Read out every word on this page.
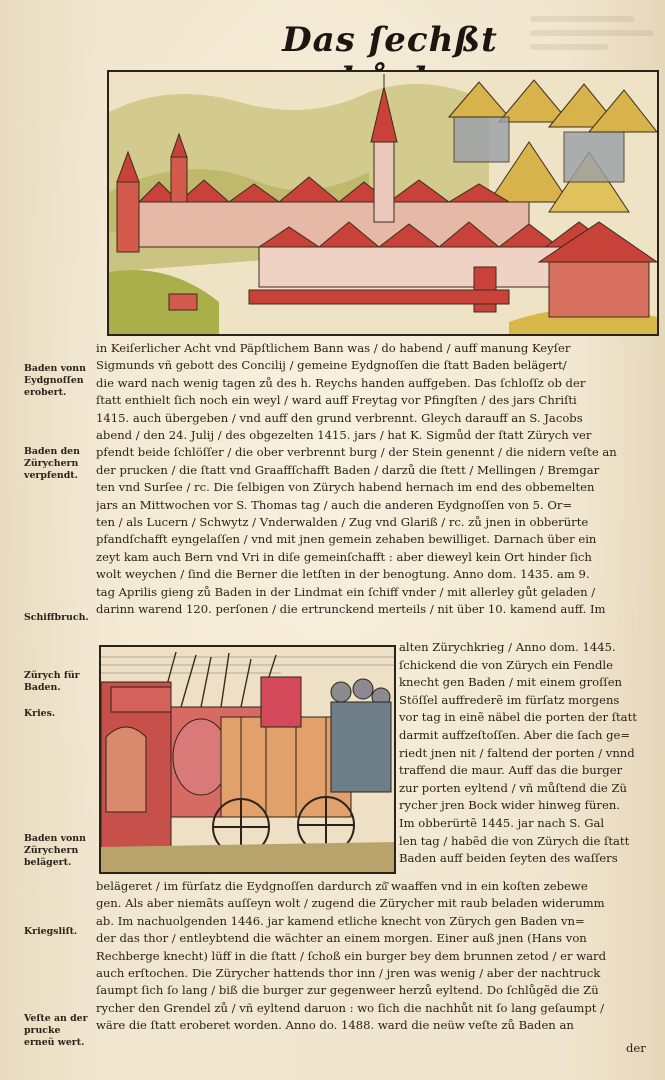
Das ſechßt
in Keiſerlicher Acht vnd Päpſtlichem Bann was / do habend / auff manung Keyſer
Sigmunds vñ gebott des Concilij / gemeine Eydgnoſſen die ſtatt Baden belägert/
die ward nach wenig tagen zů des h. Reychs handen auffgeben. Das ſchloſſz ob der
ſtatt enthielt ſich noch ein weyl / ward auff Freytag vor Pfingſten / des jars Chriſti
1415. auch übergeben / vnd auff den grund verbrennt. Gleych darauff an S. Jacobs
abend / den 24. Julij / des obgezelten 1415. jars / hat K. Sigmůd der ſtatt Zürych ver
pfendt beide ſchlöſſer / die ober verbrennt burg / der Stein genennt / die nidern veſte an
der prucken / die ſtatt vnd Graaffſchafft Baden / darzů die ſtett / Mellingen / Bremgar
ten vnd Surſee / rc. Die ſelbigen von Zürych habend hernach im end des obbemelten
jars an Mittwochen vor S. Thomas tag / auch die anderen Eydgnoſſen von 5. Or=
ten / als Lucern / Schwytz / Vnderwalden / Zug vnd Glariß / rc. zů jnen in obberürte
pfandſchafft eyngelaſſen / vnd mit jnen gemein zehaben bewilliget. Darnach über ein
zeyt kam auch Bern vnd Vri in diſe gemeinſchafft : aber dieweyl kein Ort hinder ſich
wolt weychen / ſind die Berner die letſten in der benogtung. Anno dom. 1435. am 9.
tag Aprilis gieng zů Baden in der Lindmat ein ſchiff vnder / mit allerley gůt geladen /
darinn warend 120. perſonen / die ertrunckend merteils / nit über 10. kamend auff. Im
alten Zürychkrieg / Anno dom. 1445.
ſchickend die von Zürych ein Fendle
knecht gen Baden / mit einem groſſen
Stöſſel auffrederẽ im fürſatz morgens
vor tag in einẽ näbel die porten der ſtatt
darmit auffzeſtoſſen. Aber die ſach ge=
riedt jnen nit / faltend der porten / vnnd
traffend die maur. Auff das die burger
zur porten eyltend / vñ můſtend die Zü
rycher jren Bock wider hinweg füren.
Im obberürtẽ 1445. jar nach S. Gal
len tag / habẽd die von Zürych die ſtatt
Baden auff beiden ſeyten des waſſers
belägeret / im fürſatz die Eydgnoſſen dardurch zů͂ waaffen vnd in ein koſten zebewe
gen. Als aber niemãts auſſeyn wolt / zugend die Zürycher mit raub beladen widerumm
ab. Im nachuolgenden 1446. jar kamend etliche knecht von Zürych gen Baden vn=
der das thor / entleybtend die wächter an einem morgen. Einer auß jnen (Hans von
Rechberge knecht) lüff in die ſtatt / ſchoß ein burger bey dem brunnen zetod / er ward
auch erſtochen. Die Zürycher hattends thor inn / jren was wenig / aber der nachtruck
ſaumpt ſich ſo lang / biß die burger zur gegenweer herzů eyltend. Do ſchlůgẽd die Zü
rycher den Grendel zů / vñ eyltend daruon : wo ſich die nachhůt nit ſo lang geſaumpt /
wäre die ſtatt eroberet worden. Anno do. 1488. ward die neüw veſte zů Baden an
der
Baden vonn Eydgnoſſen erobert.
Baden den Zürychern verpfendt.
Schiffbruch.
Zürych für Baden.
Kries.
Baden vonn Zürychern belägert.
Kriegsliſt.
Veſte an der prucke erneü wert.
